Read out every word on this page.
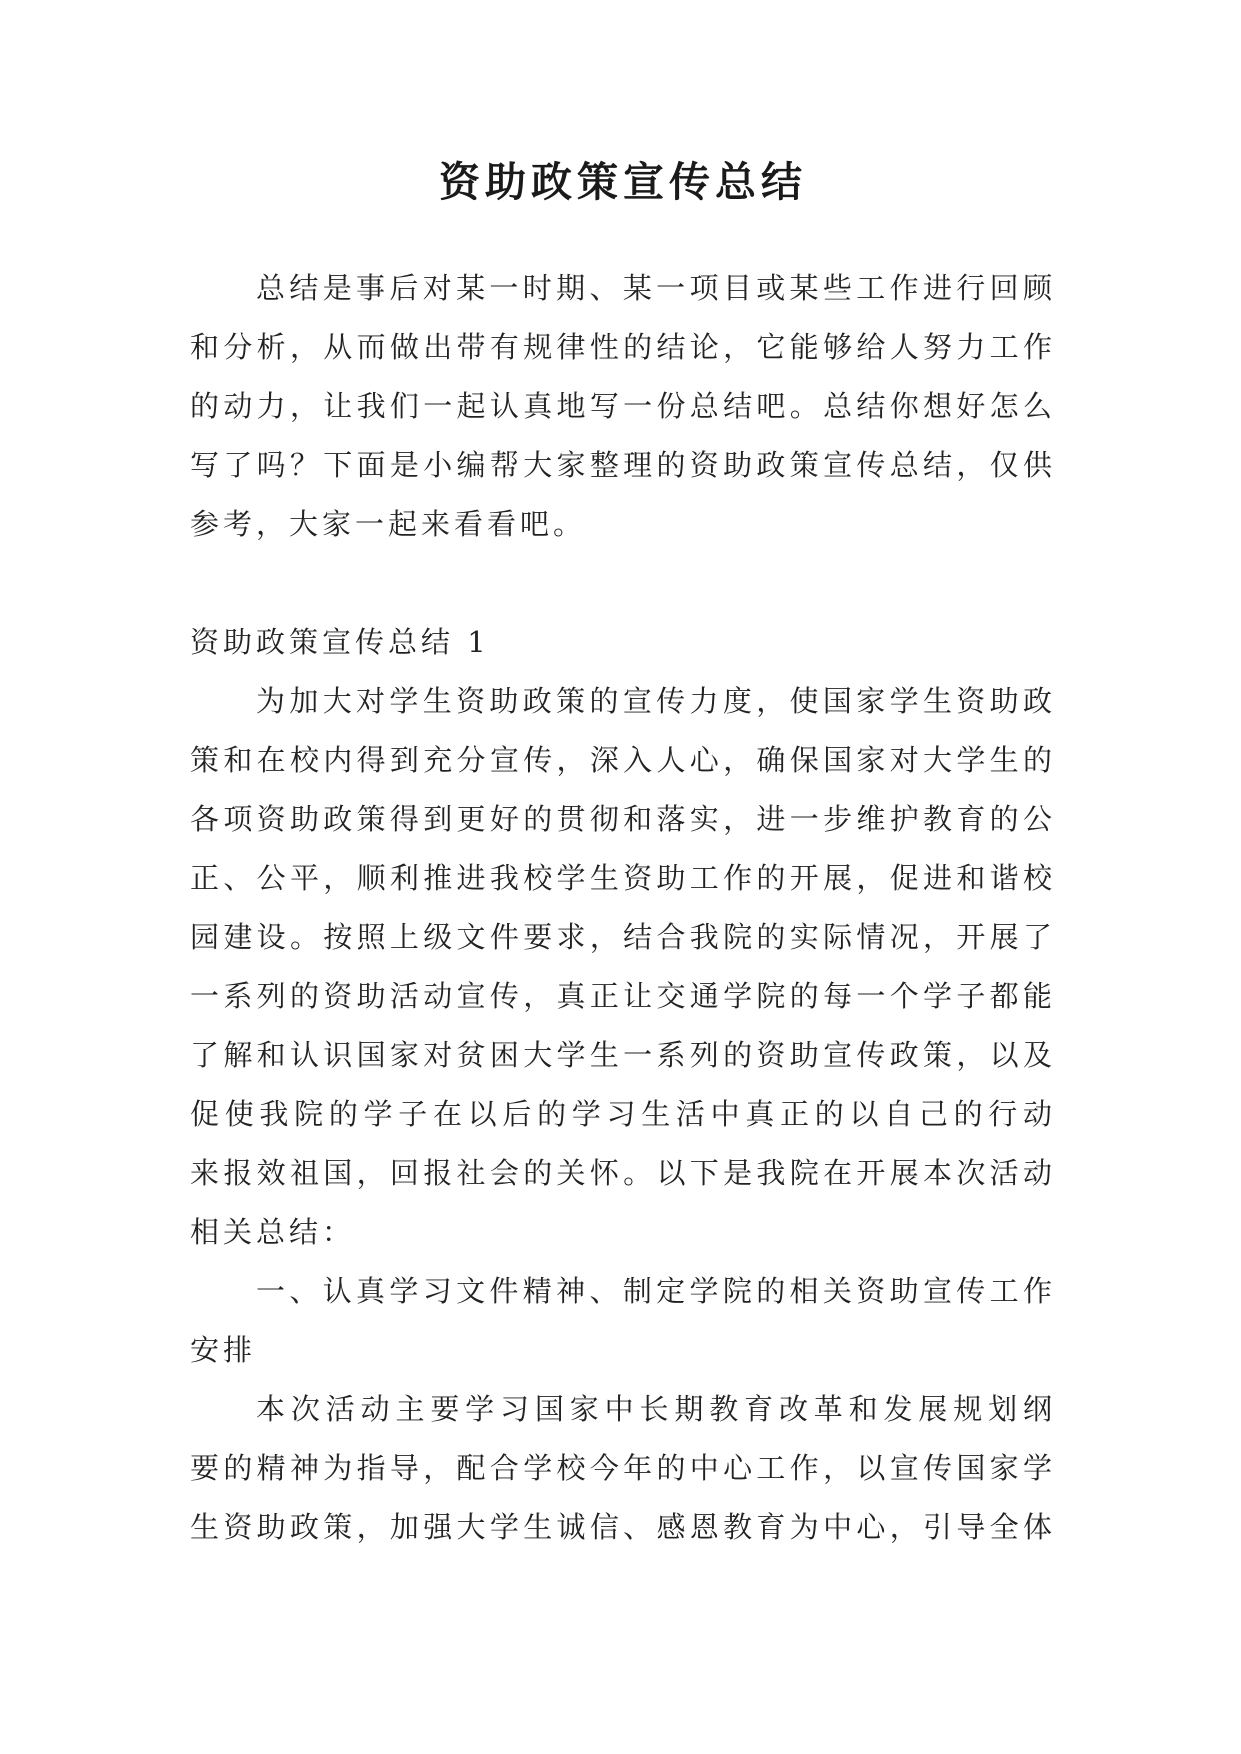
资助政策宣传总结
总结是事后对某一时期、某一项目或某些工作进行回顾
和分析，从而做出带有规律性的结论，它能够给人努力工作
的动力，让我们一起认真地写一份总结吧。总结你想好怎么
写了吗？下面是小编帮大家整理的资助政策宣传总结，仅供
参考，大家一起来看看吧。
资助政策宣传总结 1
为加大对学生资助政策的宣传力度，使国家学生资助政
策和在校内得到充分宣传，深入人心，确保国家对大学生的
各项资助政策得到更好的贯彻和落实，进一步维护教育的公
正、公平，顺利推进我校学生资助工作的开展，促进和谐校
园建设。按照上级文件要求，结合我院的实际情况，开展了
一系列的资助活动宣传，真正让交通学院的每一个学子都能
了解和认识国家对贫困大学生一系列的资助宣传政策，以及
促使我院的学子在以后的学习生活中真正的以自己的行动
来报效祖国，回报社会的关怀。以下是我院在开展本次活动
相关总结：
一、认真学习文件精神、制定学院的相关资助宣传工作
安排
本次活动主要学习国家中长期教育改革和发展规划纲
要的精神为指导，配合学校今年的中心工作，以宣传国家学
生资助政策，加强大学生诚信、感恩教育为中心，引导全体
